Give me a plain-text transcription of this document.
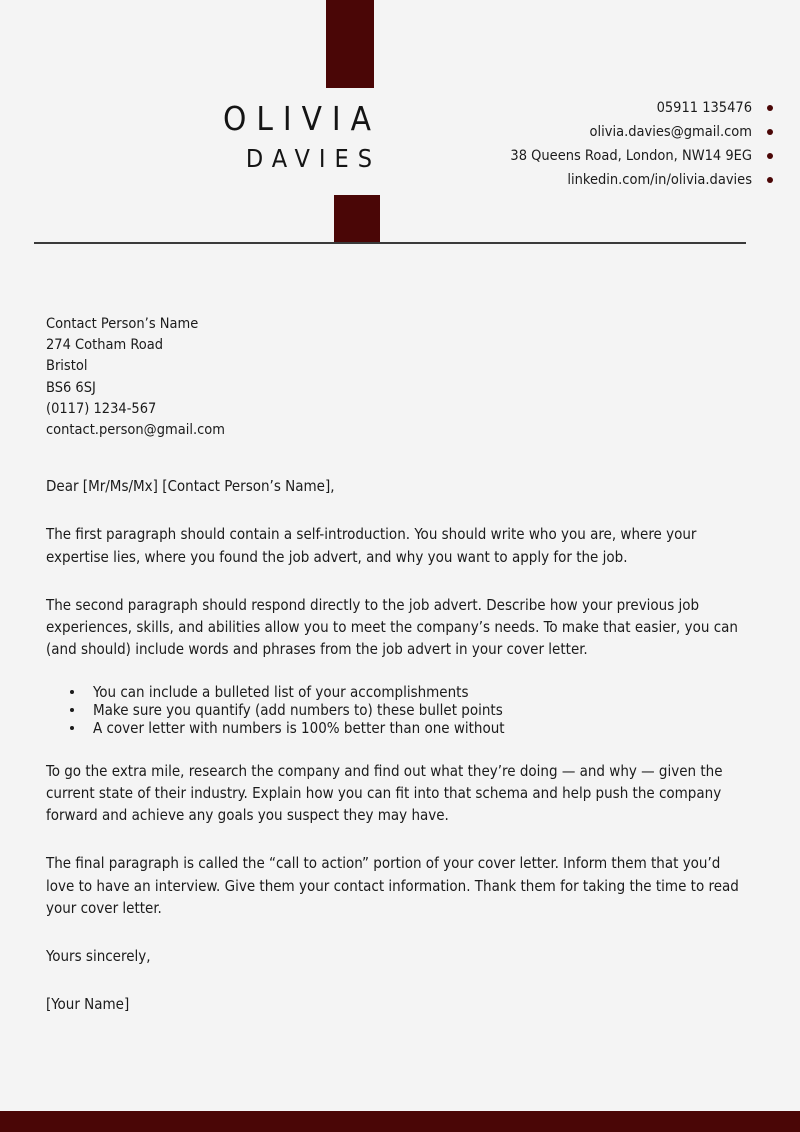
OLIVIA
DAVIES
05911 135476
olivia.davies@gmail.com
38 Queens Road, London, NW14 9EG
linkedin.com/in/olivia.davies
Contact Person’s Name
274 Cotham Road
Bristol
BS6 6SJ
(0117) 1234-567
contact.person@gmail.com
Dear [Mr/Ms/Mx] [Contact Person’s Name],

The first paragraph should contain a self-introduction. You should write who you are, where your expertise lies, where you found the job advert, and why you want to apply for the job.

The second paragraph should respond directly to the job advert. Describe how your previous job experiences, skills, and abilities allow you to meet the company’s needs. To make that easier, you can (and should) include words and phrases from the job advert in your cover letter.

You can include a bulleted list of your accomplishments
Make sure you quantify (add numbers to) these bullet points
A cover letter with numbers is 100% better than one without

To go the extra mile, research the company and find out what they’re doing — and why — given the current state of their industry. Explain how you can fit into that schema and help push the company forward and achieve any goals you suspect they may have.

The final paragraph is called the “call to action” portion of your cover letter. Inform them that you’d love to have an interview. Give them your contact information. Thank them for taking the time to read your cover letter.

Yours sincerely,
[Your Name]
